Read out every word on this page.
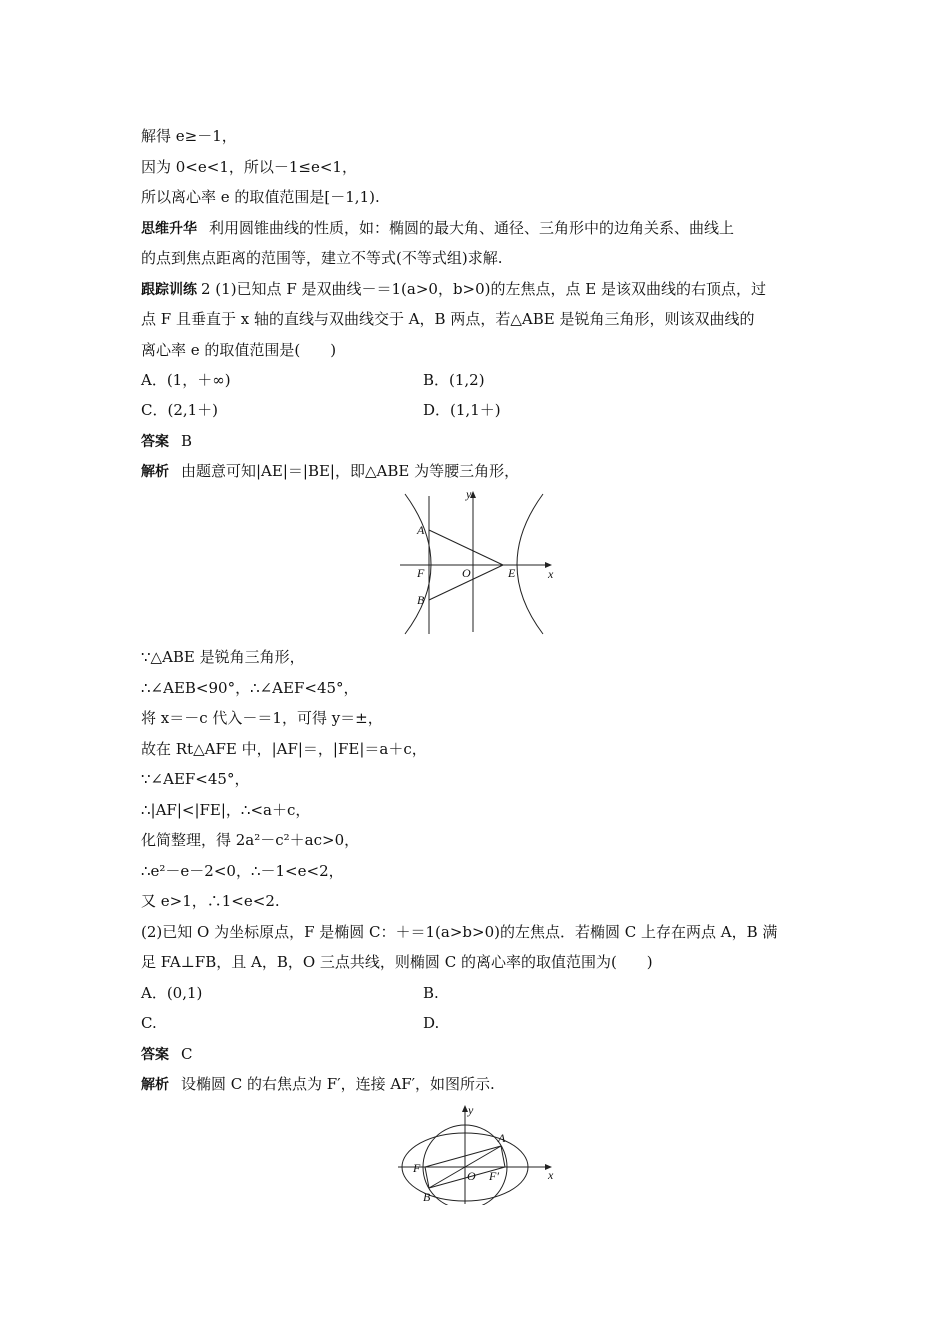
解得 e≥－1，
因为 0<e<1，所以－1≤e<1，
所以离心率 e 的取值范围是[－1,1).
思维升华 利用圆锥曲线的性质，如：椭圆的最大角、通径、三角形中的边角关系、曲线上
的点到焦点距离的范围等，建立不等式(不等式组)求解.
跟踪训练 2 (1)已知点 F 是双曲线－＝1(a>0，b>0)的左焦点，点 E 是该双曲线的右顶点，过
点 F 且垂直于 x 轴的直线与双曲线交于 A，B 两点，若△ABE 是锐角三角形，则该双曲线的
离心率 e 的取值范围是(　　)
A．(1，＋∞)	B．(1,2)
C．(2,1＋)	D．(1,1＋)
答案 B
解析 由题意可知|AE|＝|BE|，即△ABE 为等腰三角形，
y
x
A
F	O	E
B
∵△ABE 是锐角三角形，
∴∠AEB<90°，∴∠AEF<45°，
将 x＝－c 代入－＝1，可得 y＝±，
故在 Rt△AFE 中，|AF|＝，|FE|＝a＋c，
∵∠AEF<45°，
∴|AF|<|FE|，∴<a＋c，
化简整理，得 2a²－c²＋ac>0，
∴e²－e－2<0，∴－1<e<2，
又 e>1，∴1<e<2.
(2)已知 O 为坐标原点，F 是椭圆 C：＋＝1(a>b>0)的左焦点．若椭圆 C 上存在两点 A，B 满
足 FA⊥FB，且 A，B，O 三点共线，则椭圆 C 的离心率的取值范围为(　　)
A．(0,1)	B.
C.	D.
答案 C
解析 设椭圆 C 的右焦点为 F′，连接 AF′，如图所示.
y
x
A
F
O F′
B
